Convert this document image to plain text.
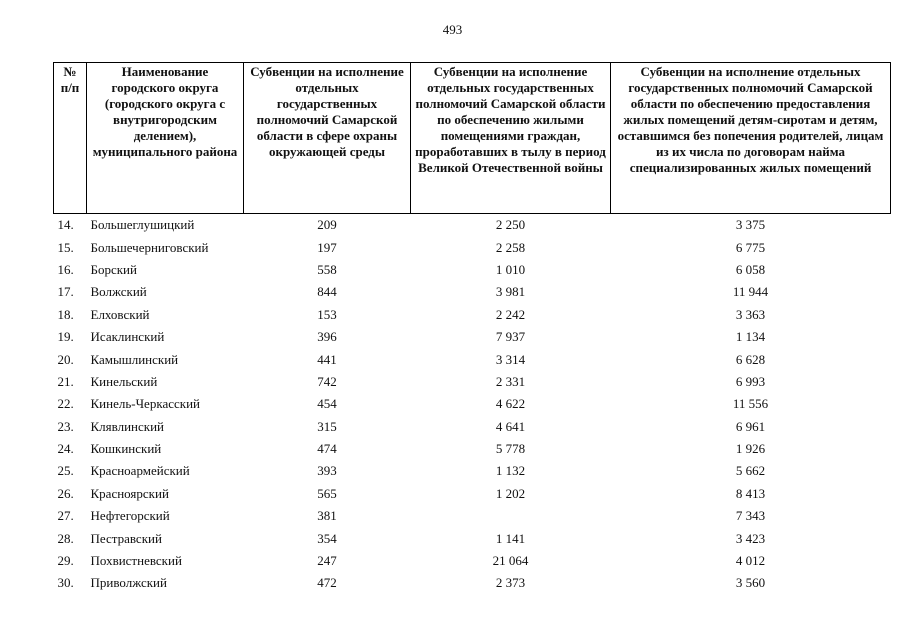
493
№ п/п	Наименование городского округа (городского округа с внутригородским делением), муниципального района	Субвенции на исполнение отдельных государственных полномочий Самарской области в сфере охраны окружающей среды	Субвенции на исполнение отдельных государственных полномочий Самарской области по обеспечению жилыми помещениями граждан, проработавших в тылу в период Великой Отечественной войны	Субвенции на исполнение отдельных государственных полномочий Самарской области по обеспечению предоставления жилых помещений детям-сиротам и детям, оставшимся без попечения родителей, лицам из их числа по договорам найма специализированных жилых помещений
14.	Большеглушицкий	209	2 250	3 375
15.	Большечерниговский	197	2 258	6 775
16.	Борский	558	1 010	6 058
17.	Волжский	844	3 981	11 944
18.	Елховский	153	2 242	3 363
19.	Исаклинский	396	7 937	1 134
20.	Камышлинский	441	3 314	6 628
21.	Кинельский	742	2 331	6 993
22.	Кинель-Черкасский	454	4 622	11 556
23.	Клявлинский	315	4 641	6 961
24.	Кошкинский	474	5 778	1 926
25.	Красноармейский	393	1 132	5 662
26.	Красноярский	565	1 202	8 413
27.	Нефтегорский	381		7 343
28.	Пестравский	354	1 141	3 423
29.	Похвистневский	247	21 064	4 012
30.	Приволжский	472	2 373	3 560
